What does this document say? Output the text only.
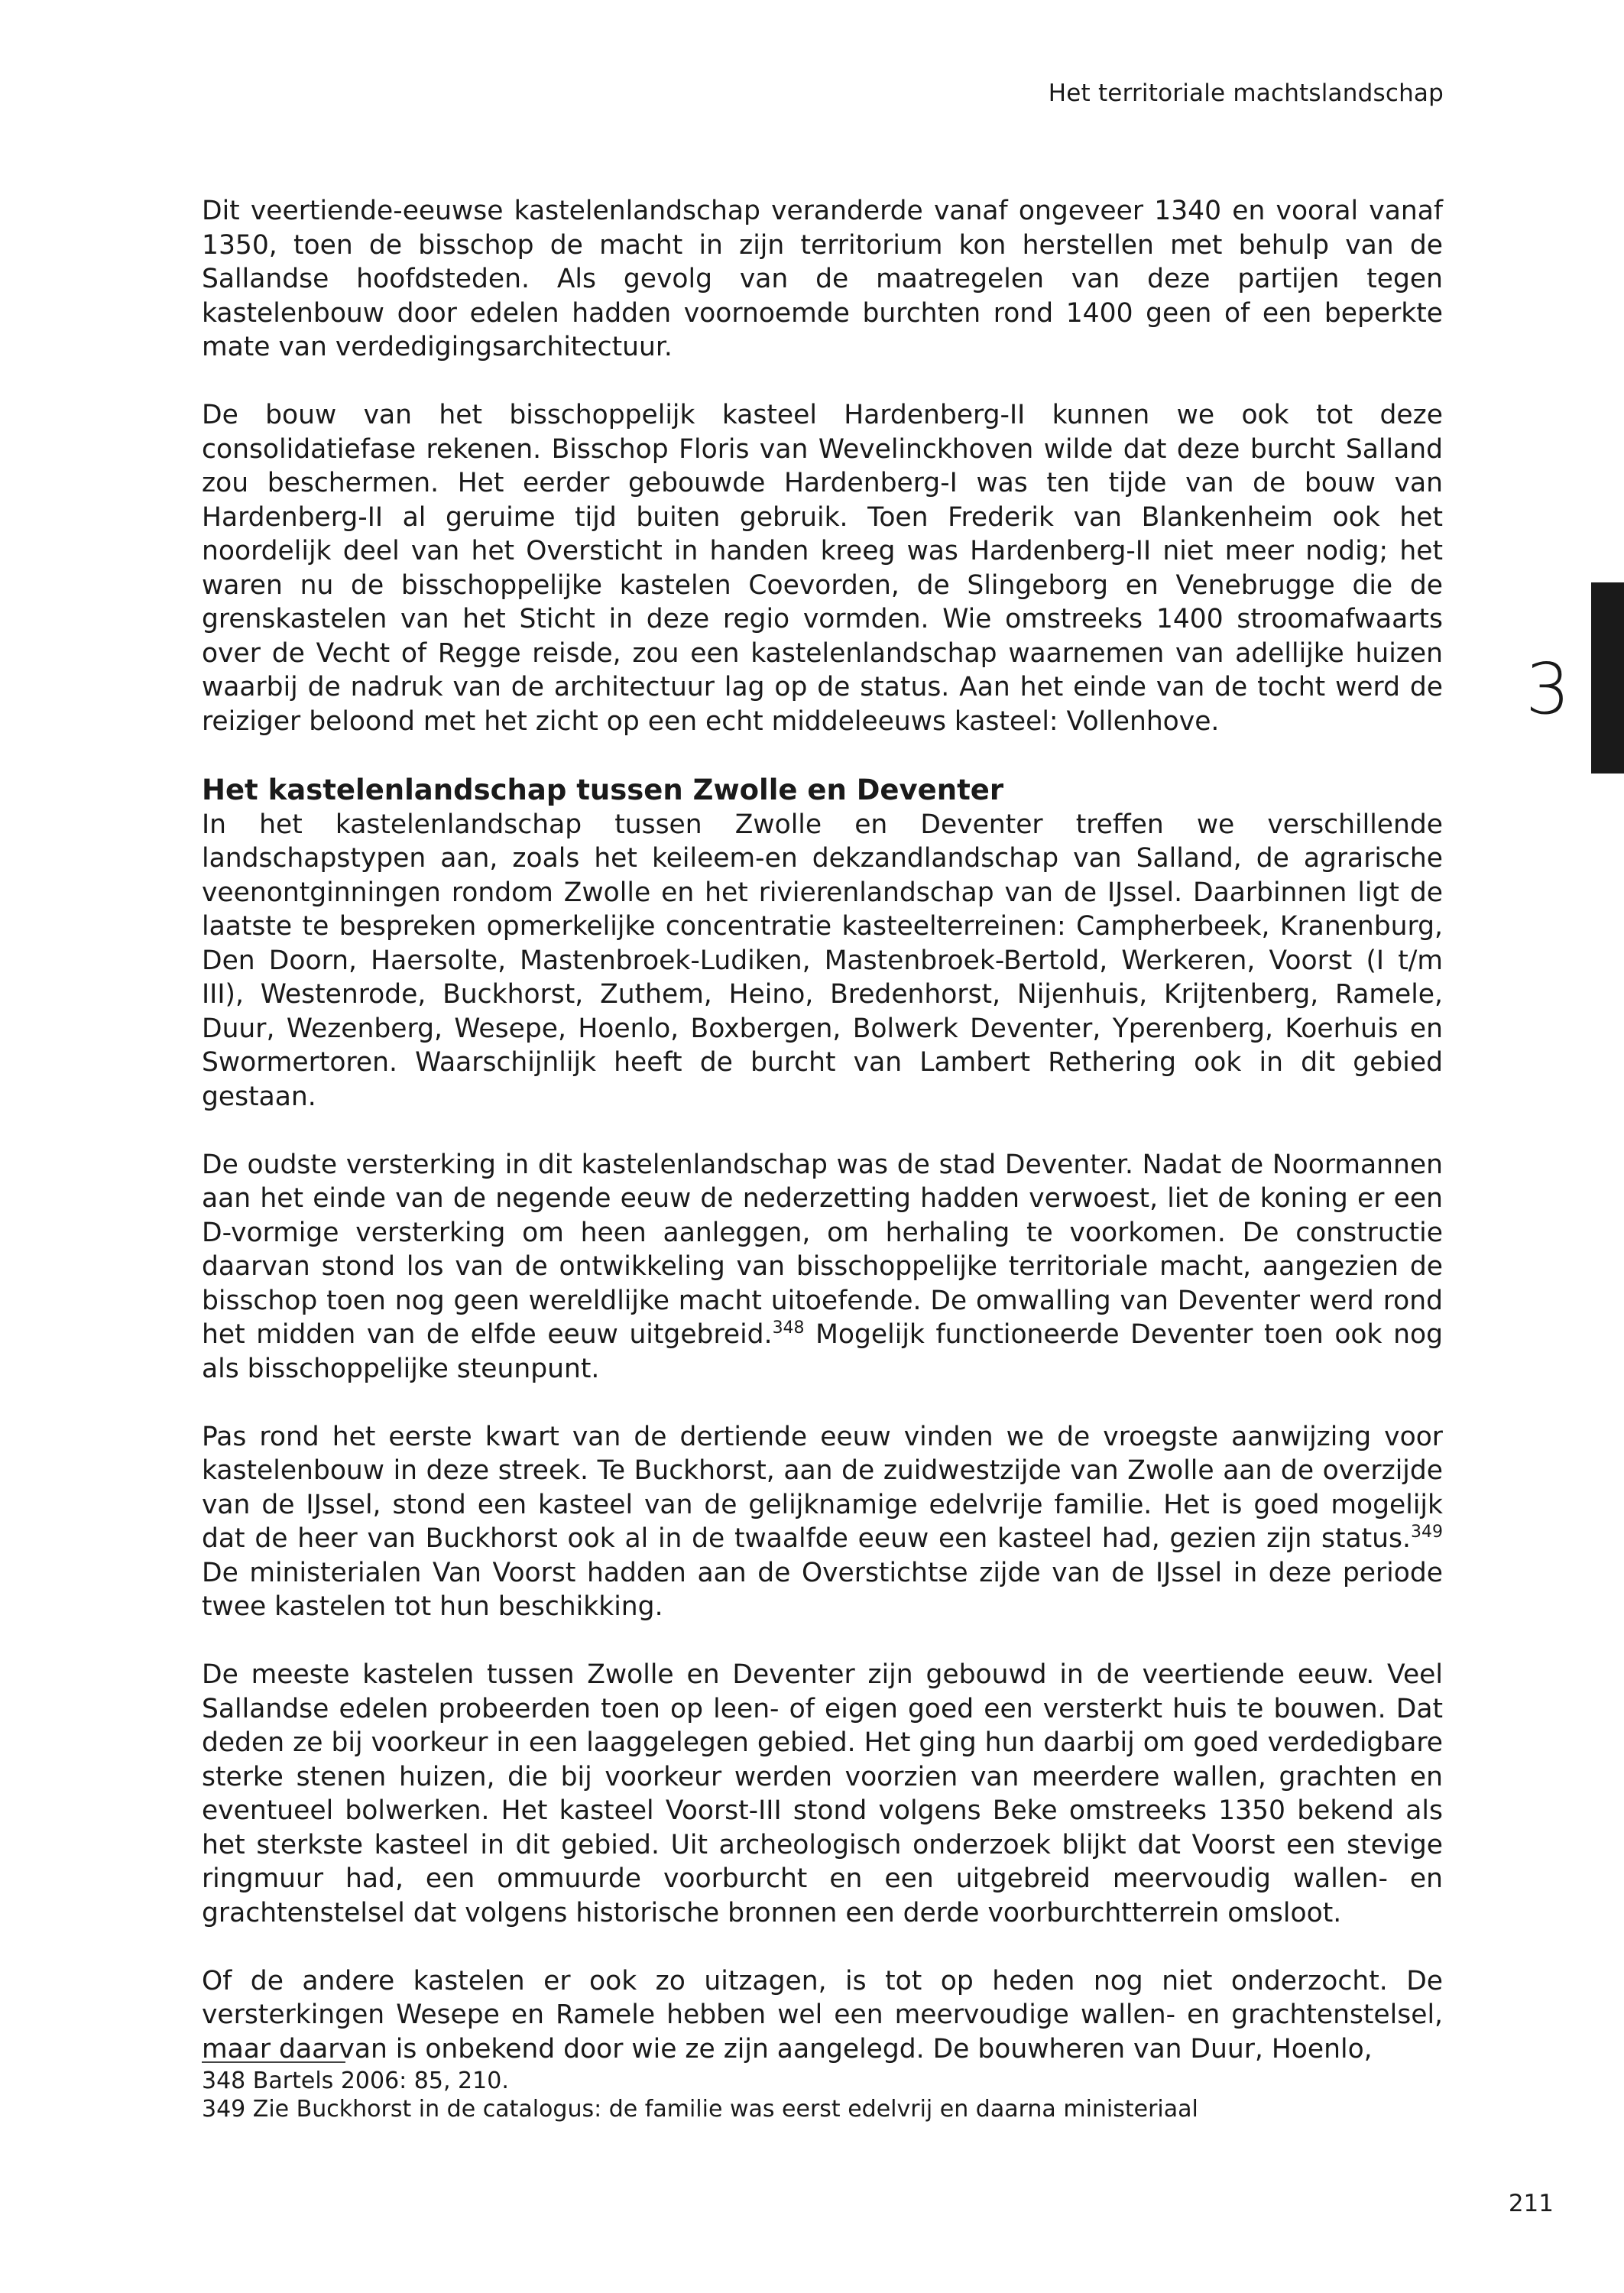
Het territoriale machtslandschap
3

Dit veertiende-eeuwse kastelenlandschap veranderde vanaf ongeveer 1340 en vooral vanaf 1350, toen de bisschop de macht in zijn territorium kon herstellen met behulp van de Sallandse hoofdsteden. Als gevolg van de maatregelen van deze partijen tegen kastelenbouw door edelen hadden voornoemde burchten rond 1400 geen of een beperkte mate van verdedigingsarchitectuur.

De bouw van het bisschoppelijk kasteel Hardenberg-II kunnen we ook tot deze consolidatiefase rekenen. Bisschop Floris van Wevelinckhoven wilde dat deze burcht Salland zou beschermen. Het eerder gebouwde Hardenberg-I was ten tijde van de bouw van Hardenberg-II al geruime tijd buiten gebruik. Toen Frederik van Blankenheim ook het noordelijk deel van het Oversticht in handen kreeg was Hardenberg-II niet meer nodig; het waren nu de bisschoppelijke kastelen Coevorden, de Slingeborg en Venebrugge die de grenskastelen van het Sticht in deze regio vormden. Wie omstreeks 1400 stroomafwaarts over de Vecht of Regge reisde, zou een kastelenlandschap waarnemen van adellijke huizen waarbij de nadruk van de architectuur lag op de status. Aan het einde van de tocht werd de reiziger beloond met het zicht op een echt middeleeuws kasteel: Vollenhove.

Het kastelenlandschap tussen Zwolle en Deventer

In het kastelenlandschap tussen Zwolle en Deventer treffen we verschillende landschapstypen aan, zoals het keileem-en dekzandlandschap van Salland, de agrarische veenontginningen rondom Zwolle en het rivierenlandschap van de IJssel. Daarbinnen ligt de laatste te bespreken opmerkelijke concentratie kasteelterreinen: Campherbeek, Kranenburg, Den Doorn, Haersolte, Mastenbroek-Ludiken, Mastenbroek-Bertold, Werkeren, Voorst (I t/m III), Westenrode, Buckhorst, Zuthem, Heino, Bredenhorst, Nijenhuis, Krijtenberg, Ramele, Duur, Wezenberg, Wesepe, Hoenlo, Boxbergen, Bolwerk Deventer, Yperenberg, Koerhuis en Swormertoren. Waarschijnlijk heeft de burcht van Lambert Rethering ook in dit gebied gestaan.

De oudste versterking in dit kastelenlandschap was de stad Deventer. Nadat de Noormannen aan het einde van de negende eeuw de nederzetting hadden verwoest, liet de koning er een D-vormige versterking om heen aanleggen, om herhaling te voorkomen. De constructie daarvan stond los van de ontwikkeling van bisschoppelijke territoriale macht, aangezien de bisschop toen nog geen wereldlijke macht uitoefende. De omwalling van Deventer werd rond het midden van de elfde eeuw uitgebreid.$^{348}$ Mogelijk functioneerde Deventer toen ook nog als bisschoppelijke steunpunt.

Pas rond het eerste kwart van de dertiende eeuw vinden we de vroegste aanwijzing voor kastelenbouw in deze streek. Te Buckhorst, aan de zuidwestzijde van Zwolle aan de overzijde van de IJssel, stond een kasteel van de gelijknamige edelvrije familie. Het is goed mogelijk dat de heer van Buckhorst ook al in de twaalfde eeuw een kasteel had, gezien zijn status.$^{349}$ De ministerialen Van Voorst hadden aan de Overstichtse zijde van de IJssel in deze periode twee kastelen tot hun beschikking.

De meeste kastelen tussen Zwolle en Deventer zijn gebouwd in de veertiende eeuw. Veel Sallandse edelen probeerden toen op leen- of eigen goed een versterkt huis te bouwen. Dat deden ze bij voorkeur in een laaggelegen gebied. Het ging hun daarbij om goed verdedigbare sterke stenen huizen, die bij voorkeur werden voorzien van meerdere wallen, grachten en eventueel bolwerken. Het kasteel Voorst-III stond volgens Beke omstreeks 1350 bekend als het sterkste kasteel in dit gebied. Uit archeologisch onderzoek blijkt dat Voorst een stevige ringmuur had, een ommuurde voorburcht en een uitgebreid meervoudig wallen- en grachtenstelsel dat volgens historische bronnen een derde voorburchtterrein omsloot.

Of de andere kastelen er ook zo uitzagen, is tot op heden nog niet onderzocht. De versterkingen Wesepe en Ramele hebben wel een meervoudige wallen- en grachtenstelsel, maar daarvan is onbekend door wie ze zijn aangelegd. De bouwheren van Duur, Hoenlo,

348 Bartels 2006: 85, 210.
349 Zie Buckhorst in de catalogus: de familie was eerst edelvrij en daarna ministeriaal
211
